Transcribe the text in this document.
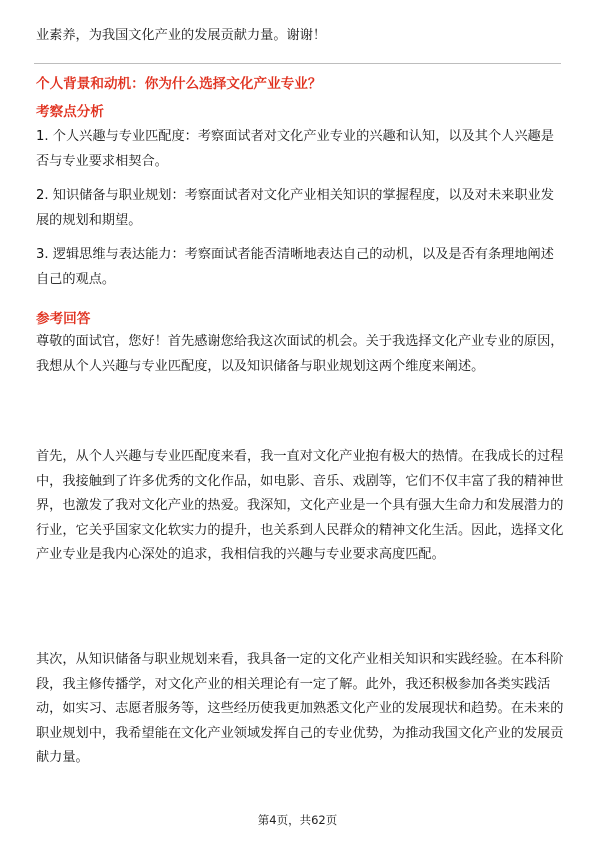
业素养，为我国文化产业的发展贡献力量。谢谢！
个人背景和动机：你为什么选择文化产业专业？
考察点分析
1. 个人兴趣与专业匹配度：考察面试者对文化产业专业的兴趣和认知，以及其个人兴趣是否与专业要求相契合。
2. 知识储备与职业规划：考察面试者对文化产业相关知识的掌握程度，以及对未来职业发展的规划和期望。
3. 逻辑思维与表达能力：考察面试者能否清晰地表达自己的动机，以及是否有条理地阐述自己的观点。
参考回答
尊敬的面试官，您好！首先感谢您给我这次面试的机会。关于我选择文化产业专业的原因，我想从个人兴趣与专业匹配度，以及知识储备与职业规划这两个维度来阐述。
首先，从个人兴趣与专业匹配度来看，我一直对文化产业抱有极大的热情。在我成长的过程中，我接触到了许多优秀的文化作品，如电影、音乐、戏剧等，它们不仅丰富了我的精神世界，也激发了我对文化产业的热爱。我深知，文化产业是一个具有强大生命力和发展潜力的行业，它关乎国家文化软实力的提升，也关系到人民群众的精神文化生活。因此，选择文化产业专业是我内心深处的追求，我相信我的兴趣与专业要求高度匹配。
其次，从知识储备与职业规划来看，我具备一定的文化产业相关知识和实践经验。在本科阶段，我主修传播学，对文化产业的相关理论有一定了解。此外，我还积极参加各类实践活动，如实习、志愿者服务等，这些经历使我更加熟悉文化产业的发展现状和趋势。在未来的职业规划中，我希望能在文化产业领域发挥自己的专业优势，为推动我国文化产业的发展贡献力量。
第4页，共62页
